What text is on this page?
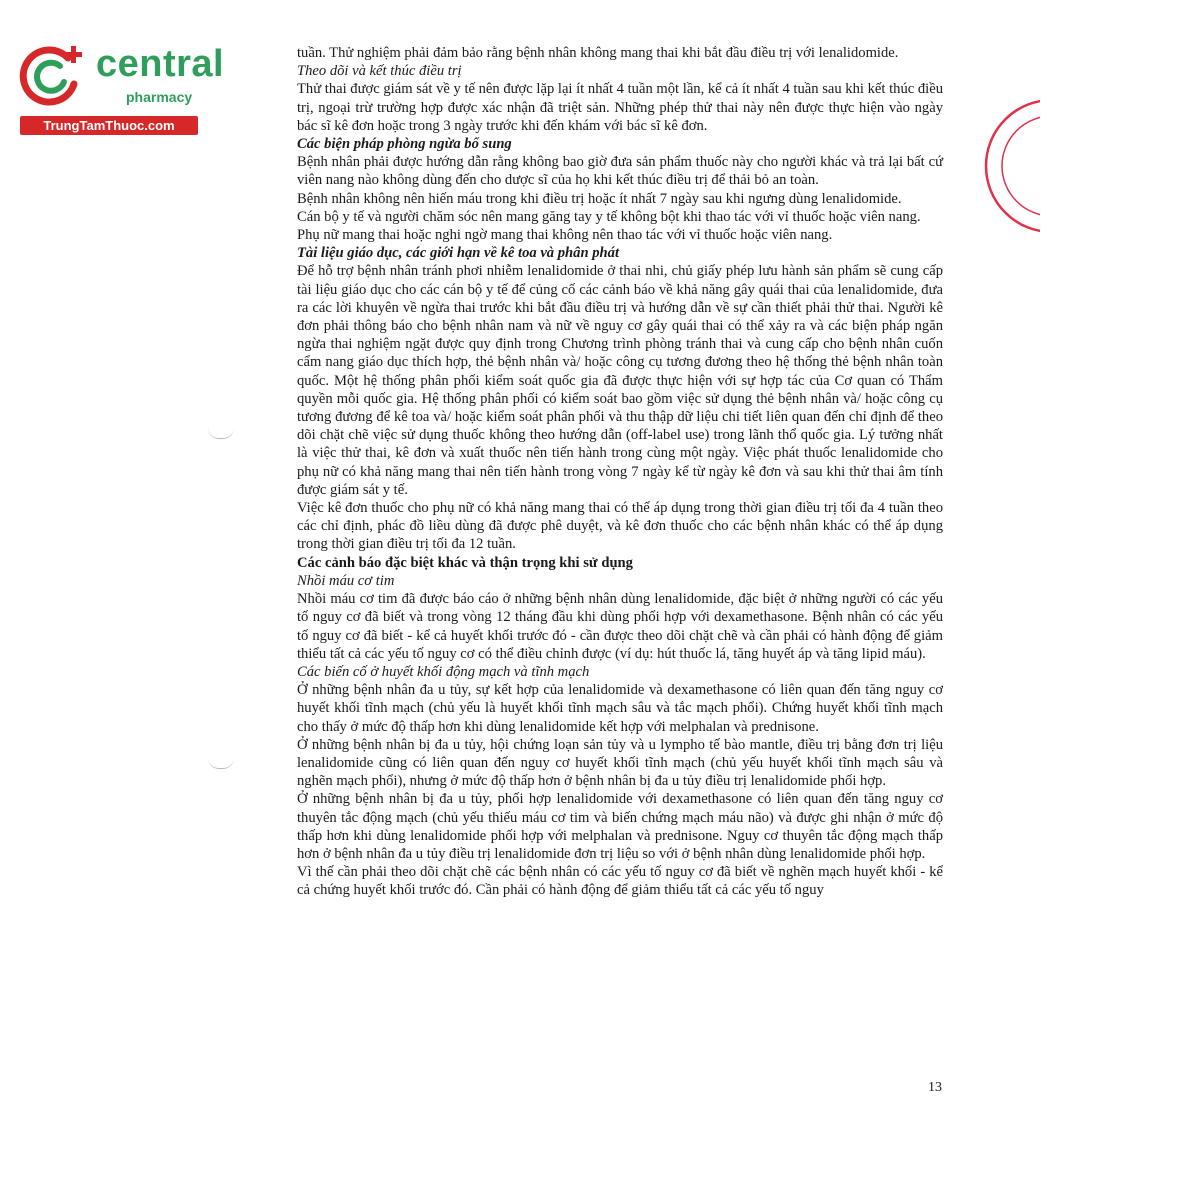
central
pharmacy
TrungTamThuoc.com

tuần. Thử nghiệm phải đảm bảo rằng bệnh nhân không mang thai khi bắt đầu điều trị với lenalidomide.

Theo dõi và kết thúc điều trị

Thử thai được giám sát về y tế nên được lặp lại ít nhất 4 tuần một lần, kể cả ít nhất 4 tuần sau khi kết thúc điều trị, ngoại trừ trường hợp được xác nhận đã triệt sản. Những phép thử thai này nên được thực hiện vào ngày bác sĩ kê đơn hoặc trong 3 ngày trước khi đến khám với bác sĩ kê đơn.

Các biện pháp phòng ngừa bổ sung

Bệnh nhân phải được hướng dẫn rằng không bao giờ đưa sản phẩm thuốc này cho người khác và trả lại bất cứ viên nang nào không dùng đến cho dược sĩ của họ khi kết thúc điều trị để thải bỏ an toàn.

Bệnh nhân không nên hiến máu trong khi điều trị hoặc ít nhất 7 ngày sau khi ngưng dùng lenalidomide.

Cán bộ y tế và người chăm sóc nên mang găng tay y tế không bột khi thao tác với vỉ thuốc hoặc viên nang.

Phụ nữ mang thai hoặc nghi ngờ mang thai không nên thao tác với vỉ thuốc hoặc viên nang.

Tài liệu giáo dục, các giới hạn về kê toa và phân phát

Để hỗ trợ bệnh nhân tránh phơi nhiễm lenalidomide ở thai nhi, chủ giấy phép lưu hành sản phẩm sẽ cung cấp tài liệu giáo dục cho các cán bộ y tế để củng cố các cảnh báo về khả năng gây quái thai của lenalidomide, đưa ra các lời khuyên về ngừa thai trước khi bắt đầu điều trị và hướng dẫn về sự cần thiết phải thử thai. Người kê đơn phải thông báo cho bệnh nhân nam và nữ về nguy cơ gây quái thai có thể xảy ra và các biện pháp ngăn ngừa thai nghiệm ngặt được quy định trong Chương trình phòng tránh thai và cung cấp cho bệnh nhân cuốn cẩm nang giáo dục thích hợp, thẻ bệnh nhân và/ hoặc công cụ tương đương theo hệ thống thẻ bệnh nhân toàn quốc. Một hệ thống phân phối kiểm soát quốc gia đã được thực hiện với sự hợp tác của Cơ quan có Thẩm quyền mỗi quốc gia. Hệ thống phân phối có kiểm soát bao gồm việc sử dụng thẻ bệnh nhân và/ hoặc công cụ tương đương để kê toa và/ hoặc kiểm soát phân phối và thu thập dữ liệu chi tiết liên quan đến chỉ định để theo dõi chặt chẽ việc sử dụng thuốc không theo hướng dẫn (off-label use) trong lãnh thổ quốc gia. Lý tưởng nhất là việc thử thai, kê đơn và xuất thuốc nên tiến hành trong cùng một ngày. Việc phát thuốc lenalidomide cho phụ nữ có khả năng mang thai nên tiến hành trong vòng 7 ngày kể từ ngày kê đơn và sau khi thử thai âm tính được giám sát y tế.

Việc kê đơn thuốc cho phụ nữ có khả năng mang thai có thể áp dụng trong thời gian điều trị tối đa 4 tuần theo các chỉ định, phác đồ liều dùng đã được phê duyệt, và kê đơn thuốc cho các bệnh nhân khác có thể áp dụng trong thời gian điều trị tối đa 12 tuần.

Các cảnh báo đặc biệt khác và thận trọng khi sử dụng

Nhồi máu cơ tim

Nhồi máu cơ tim đã được báo cáo ở những bệnh nhân dùng lenalidomide, đặc biệt ở những người có các yếu tố nguy cơ đã biết và trong vòng 12 tháng đầu khi dùng phối hợp với dexamethasone. Bệnh nhân có các yếu tố nguy cơ đã biết - kể cả huyết khối trước đó - cần được theo dõi chặt chẽ và cần phải có hành động để giảm thiểu tất cả các yếu tố nguy cơ có thể điều chỉnh được (ví dụ: hút thuốc lá, tăng huyết áp và tăng lipid máu).

Các biến cố ở huyết khối động mạch và tĩnh mạch

Ở những bệnh nhân đa u tủy, sự kết hợp của lenalidomide và dexamethasone có liên quan đến tăng nguy cơ huyết khối tĩnh mạch (chủ yếu là huyết khối tĩnh mạch sâu và tắc mạch phổi). Chứng huyết khối tĩnh mạch cho thấy ở mức độ thấp hơn khi dùng lenalidomide kết hợp với melphalan và prednisone.

Ở những bệnh nhân bị đa u tủy, hội chứng loạn sản tủy và u lympho tế bào mantle, điều trị bằng đơn trị liệu lenalidomide cũng có liên quan đến nguy cơ huyết khối tĩnh mạch (chủ yếu huyết khối tĩnh mạch sâu và nghẽn mạch phổi), nhưng ở mức độ thấp hơn ở bệnh nhân bị đa u tủy điều trị lenalidomide phối hợp.

Ở những bệnh nhân bị đa u tủy, phối hợp lenalidomide với dexamethasone có liên quan đến tăng nguy cơ thuyên tắc động mạch (chủ yếu thiếu máu cơ tim và biến chứng mạch máu não) và được ghi nhận ở mức độ thấp hơn khi dùng lenalidomide phối hợp với melphalan và prednisone. Nguy cơ thuyên tắc động mạch thấp hơn ở bệnh nhân đa u tủy điều trị lenalidomide đơn trị liệu so với ở bệnh nhân dùng lenalidomide phối hợp.

Vì thế cần phải theo dõi chặt chẽ các bệnh nhân có các yếu tố nguy cơ đã biết về nghẽn mạch huyết khối - kể cả chứng huyết khối trước đó. Cần phải có hành động để giảm thiểu tất cả các yếu tố nguy

13
